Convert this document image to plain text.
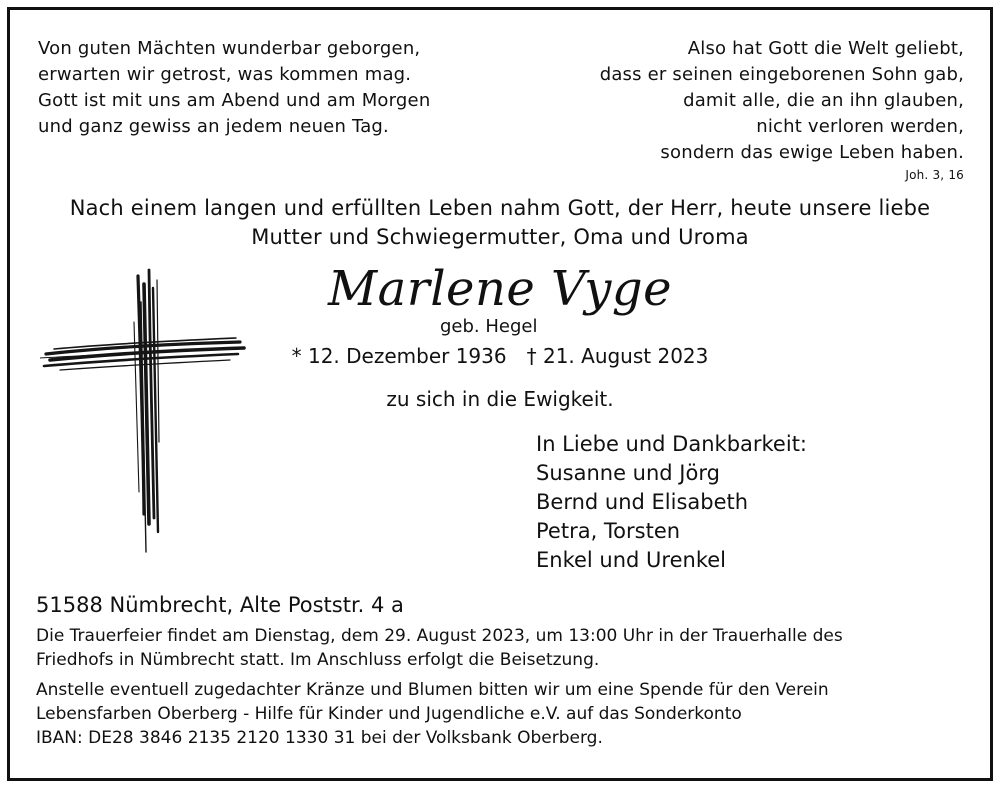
Von guten Mächten wunderbar geborgen,
erwarten wir getrost, was kommen mag.
Gott ist mit uns am Abend und am Morgen
und ganz gewiss an jedem neuen Tag.
Also hat Gott die Welt geliebt,
dass er seinen eingeborenen Sohn gab,
damit alle, die an ihn glauben,
nicht verloren werden,
sondern das ewige Leben haben.
Joh. 3, 16
Nach einem langen und erfüllten Leben nahm Gott, der Herr, heute unsere liebe
Mutter und Schwiegermutter, Oma und Uroma
Marlene Vyge
geb. Hegel
* 12. Dezember 1936 † 21. August 2023
zu sich in die Ewigkeit.
In Liebe und Dankbarkeit:
Susanne und Jörg
Bernd und Elisabeth
Petra, Torsten
Enkel und Urenkel
51588 Nümbrecht, Alte Poststr. 4 a

Die Trauerfeier findet am Dienstag, dem 29. August 2023, um 13:00 Uhr in der Trauerhalle des
Friedhofs in Nümbrecht statt. Im Anschluss erfolgt die Beisetzung.

Anstelle eventuell zugedachter Kränze und Blumen bitten wir um eine Spende für den Verein
Lebensfarben Oberberg - Hilfe für Kinder und Jugendliche e.V. auf das Sonderkonto
IBAN: DE28 3846 2135 2120 1330 31 bei der Volksbank Oberberg.
